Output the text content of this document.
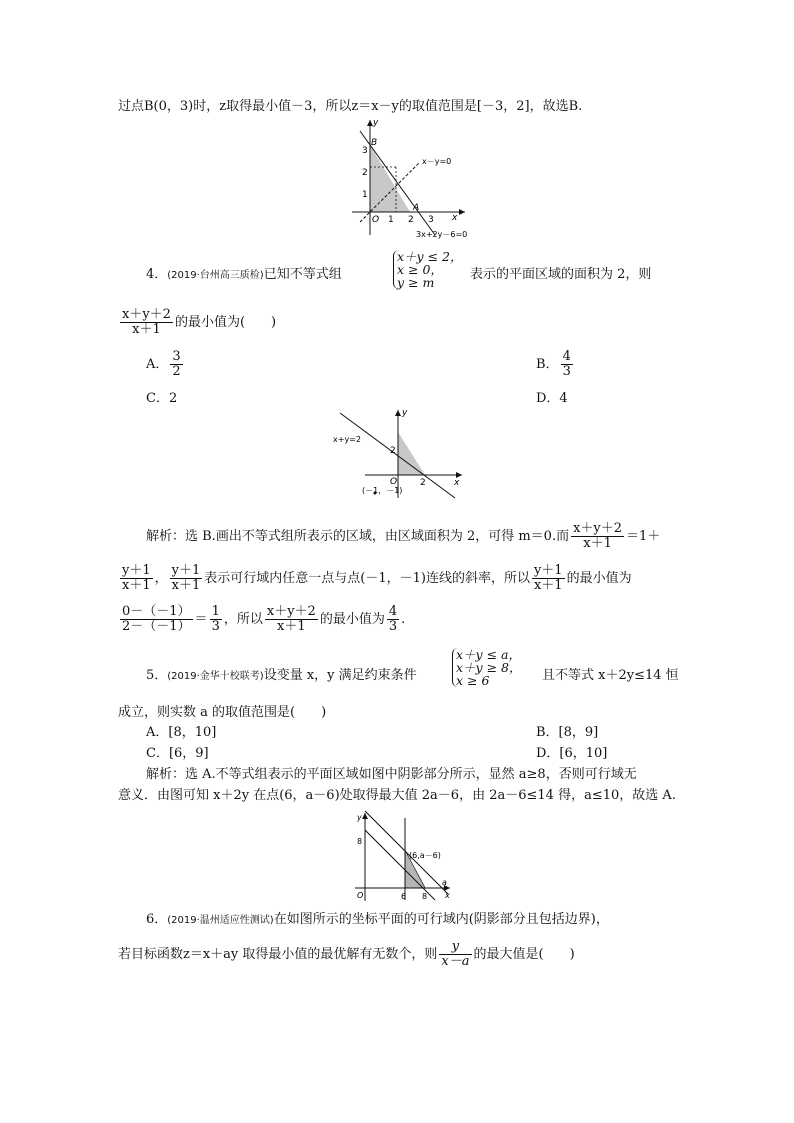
过点B(0，3)时，z取得最小值－3，所以z＝x－y的取值范围是[－3，2]，故选B.
B
y
3
2
1
O 1 2 3 x
A
x－y=0
3x+2y－6=0
4．(2019·台州高三质检)已知不等式组
x＋y ≤ 2，
x ≥ 0，
y ≥ m
表示的平面区域的面积为 2，则
$\frac{x+y+2}{x+1}$ 的最小值为(　　)
A． $\frac{3}{2}$	B． $\frac{4}{3}$
C．2	D．4
y
x
x+y=2
2
O	2
(－1，－1)
解析：选 B.画出不等式组所表示的区域，由区域面积为 2，可得 m＝0.而 $\frac{x+y+2}{x+1} =1+$
$\frac{y+1}{x+1}$ ， $\frac{y+1}{x+1}$ 表示可行域内任意一点与点(－1，－1)连线的斜率，所以 $\frac{y+1}{x+1}$ 的最小值为
$\frac{0-(-1)}{2-(-1)} = \frac{1}{3}$ ，所以 $\frac{x+y+2}{x+1}$ 的最小值为 $\frac{4}{3}$ .
5．(2019·金华十校联考)设变量 x，y 满足约束条件
x＋y ≤ a，
x＋y ≥ 8，
x ≥ 6	且不等式 x＋2y≤14 恒
成立，则实数 a 的取值范围是(　　)
A．[8，10]	B．[8，9]
C．[6，9]	D．[6，10]
解析：选 A.不等式组表示的平面区域如图中阴影部分所示，显然 a≥8，否则可行域无
意义．由图可知 x＋2y 在点(6，a－6)处取得最大值 2a－6，由 2a－6≤14 得，a≤10，故选 A.
y
8
O	6 8 x
a
(6,a－6)
6．(2019·温州适应性测试)在如图所示的坐标平面的可行域内(阴影部分且包括边界)，
若目标函数z＝x＋ay 取得最小值的最优解有无数个，则 $\frac{y}{x-a}$ 的最大值是(　　)
